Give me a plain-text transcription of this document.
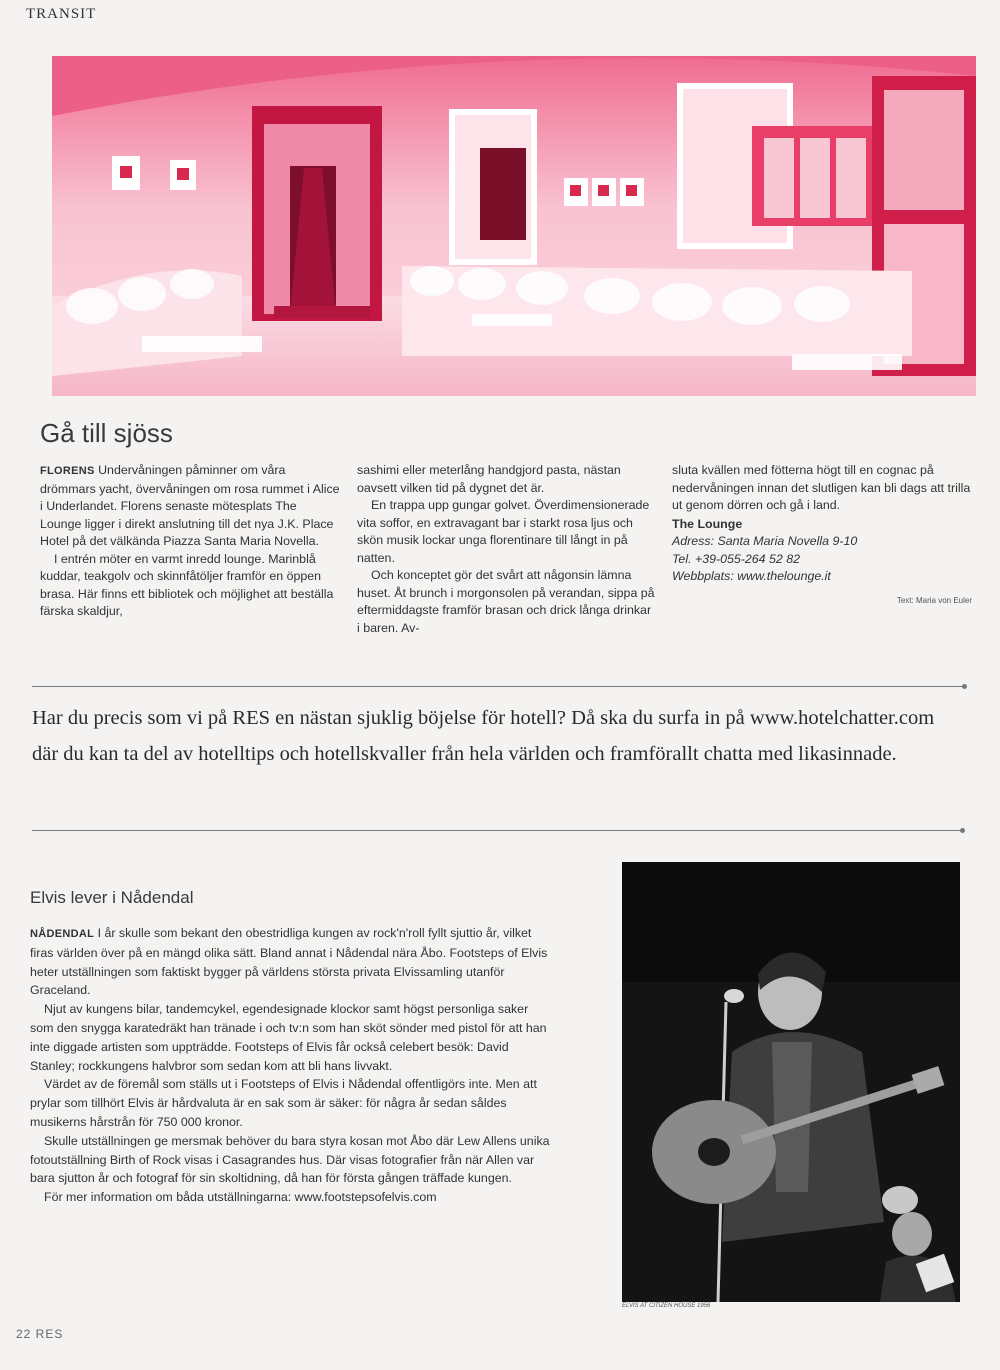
TRANSIT
Gå till sjöss

FLORENS Undervåningen påminner om våra drömmars yacht, övervåningen om rosa rummet i Alice i Underlandet. Florens senaste mötesplats The Lounge ligger i direkt anslutning till det nya J.K. Place Hotel på det välkända Piazza Santa Maria Novella.

I entrén möter en varmt inredd lounge. Marinblå kuddar, teakgolv och skinnfåtöljer framför en öppen brasa. Här finns ett bibliotek och möjlighet att beställa färska skaldjur,

sashimi eller meterlång handgjord pasta, nästan oavsett vilken tid på dygnet det är.

En trappa upp gungar golvet. Överdimensionerade vita soffor, en extravagant bar i starkt rosa ljus och skön musik lockar unga florentinare till långt in på natten.

Och konceptet gör det svårt att någonsin lämna huset. Åt brunch i morgonsolen på verandan, sippa på eftermiddagste framför brasan och drick långa drinkar i baren. Av-

sluta kvällen med fötterna högt till en cognac på nedervåningen innan det slutligen kan bli dags att trilla ut genom dörren och gå i land.

The Lounge

Adress: Santa Maria Novella 9-10

Tel. +39-055-264 52 82

Webbplats: www.thelounge.it

Text: Maria von Euler

Har du precis som vi på RES en nästan sjuklig böjelse för hotell? Då ska du surfa in på www.hotelchatter.com där du kan ta del av hotelltips och hotellskvaller från hela världen och framförallt chatta med likasinnade.

Elvis lever i Nådendal

NÅDENDAL I år skulle som bekant den obestridliga kungen av rock'n'roll fyllt sjuttio år, vilket firas världen över på en mängd olika sätt. Bland annat i Nådendal nära Åbo. Footsteps of Elvis heter utställningen som faktiskt bygger på världens största privata Elvissamling utanför Graceland.

Njut av kungens bilar, tandemcykel, egendesignade klockor samt högst personliga saker som den snygga karatedräkt han tränade i och tv:n som han sköt sönder med pistol för att han inte diggade artisten som uppträdde. Footsteps of Elvis får också celebert besök: David Stanley; rockkungens halvbror som sedan kom att bli hans livvakt.

Värdet av de föremål som ställs ut i Footsteps of Elvis i Nådendal offentligörs inte. Men att prylar som tillhört Elvis är hårdvaluta är en sak som är säker: för några år sedan såldes musikerns hårstrån för 750 000 kronor.

Skulle utställningen ge mersmak behöver du bara styra kosan mot Åbo där Lew Allens unika fotoutställning Birth of Rock visas i Casagrandes hus. Där visas fotografier från när Allen var bara sjutton år och fotograf för sin skoltidning, då han för första gången träffade kungen.

För mer information om båda utställningarna: www.footstepsofelvis.com

ELVIS AT CITIZEN HOUSE 1956
22 RES
